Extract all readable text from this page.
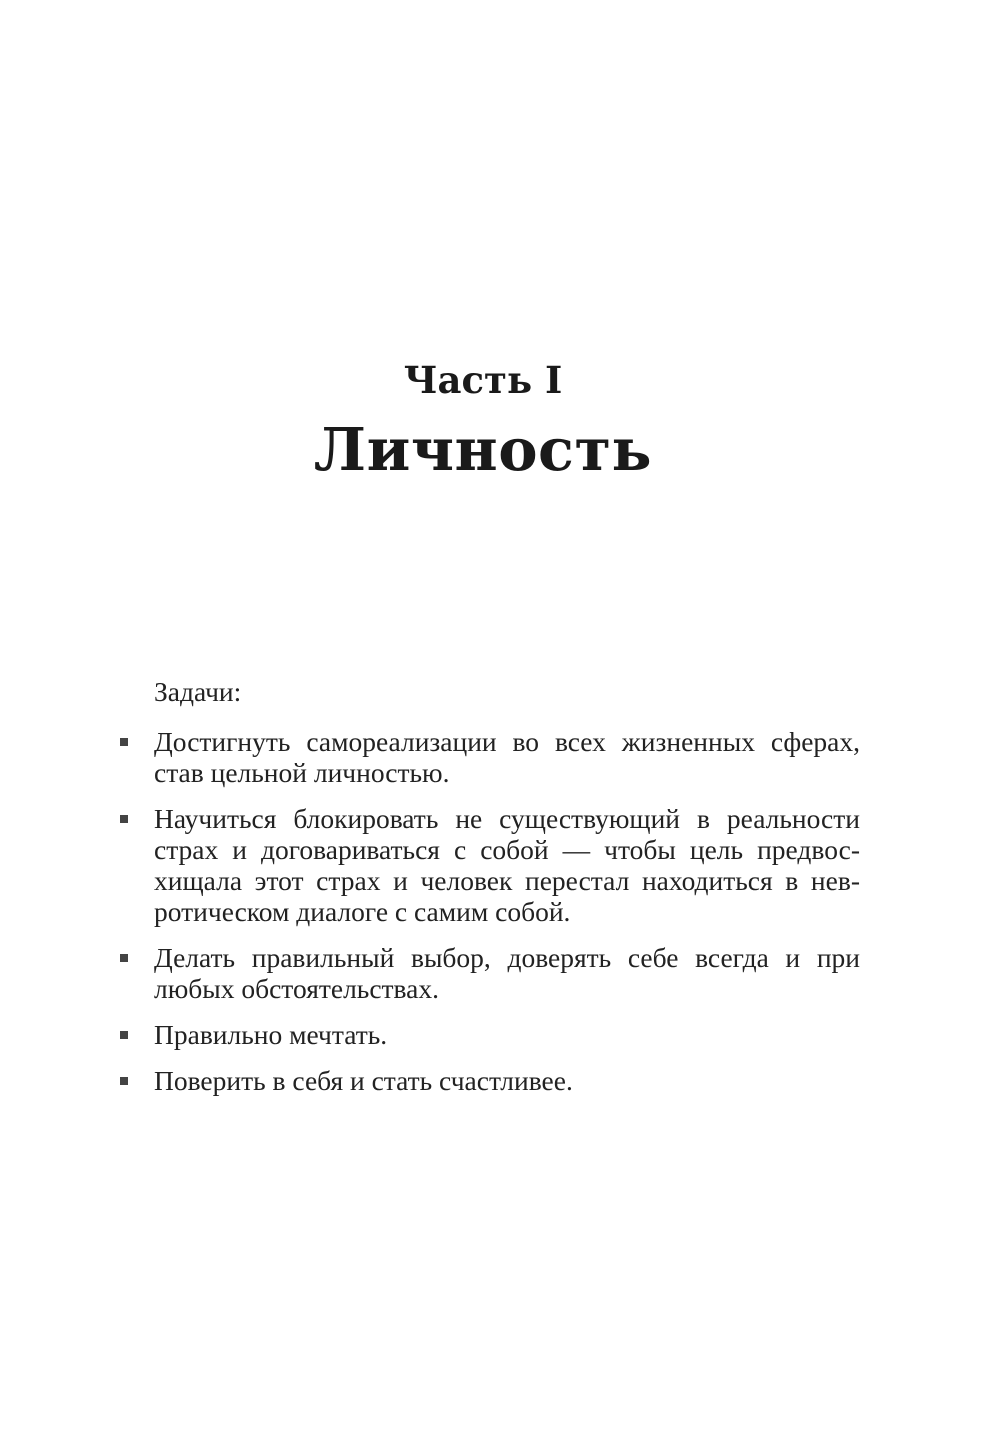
Часть I
Личность
Задачи:
Достигнуть самореализации во всех жизненных сферах,
став цельной личностью.
Научиться блокировать не существующий в реальности
страх и договариваться с собой — чтобы цель предвос-
хищала этот страх и человек перестал находиться в нев-
ротическом диалоге с самим собой.
Делать правильный выбор, доверять себе всегда и при
любых обстоятельствах.
Правильно мечтать.
Поверить в себя и стать счастливее.
